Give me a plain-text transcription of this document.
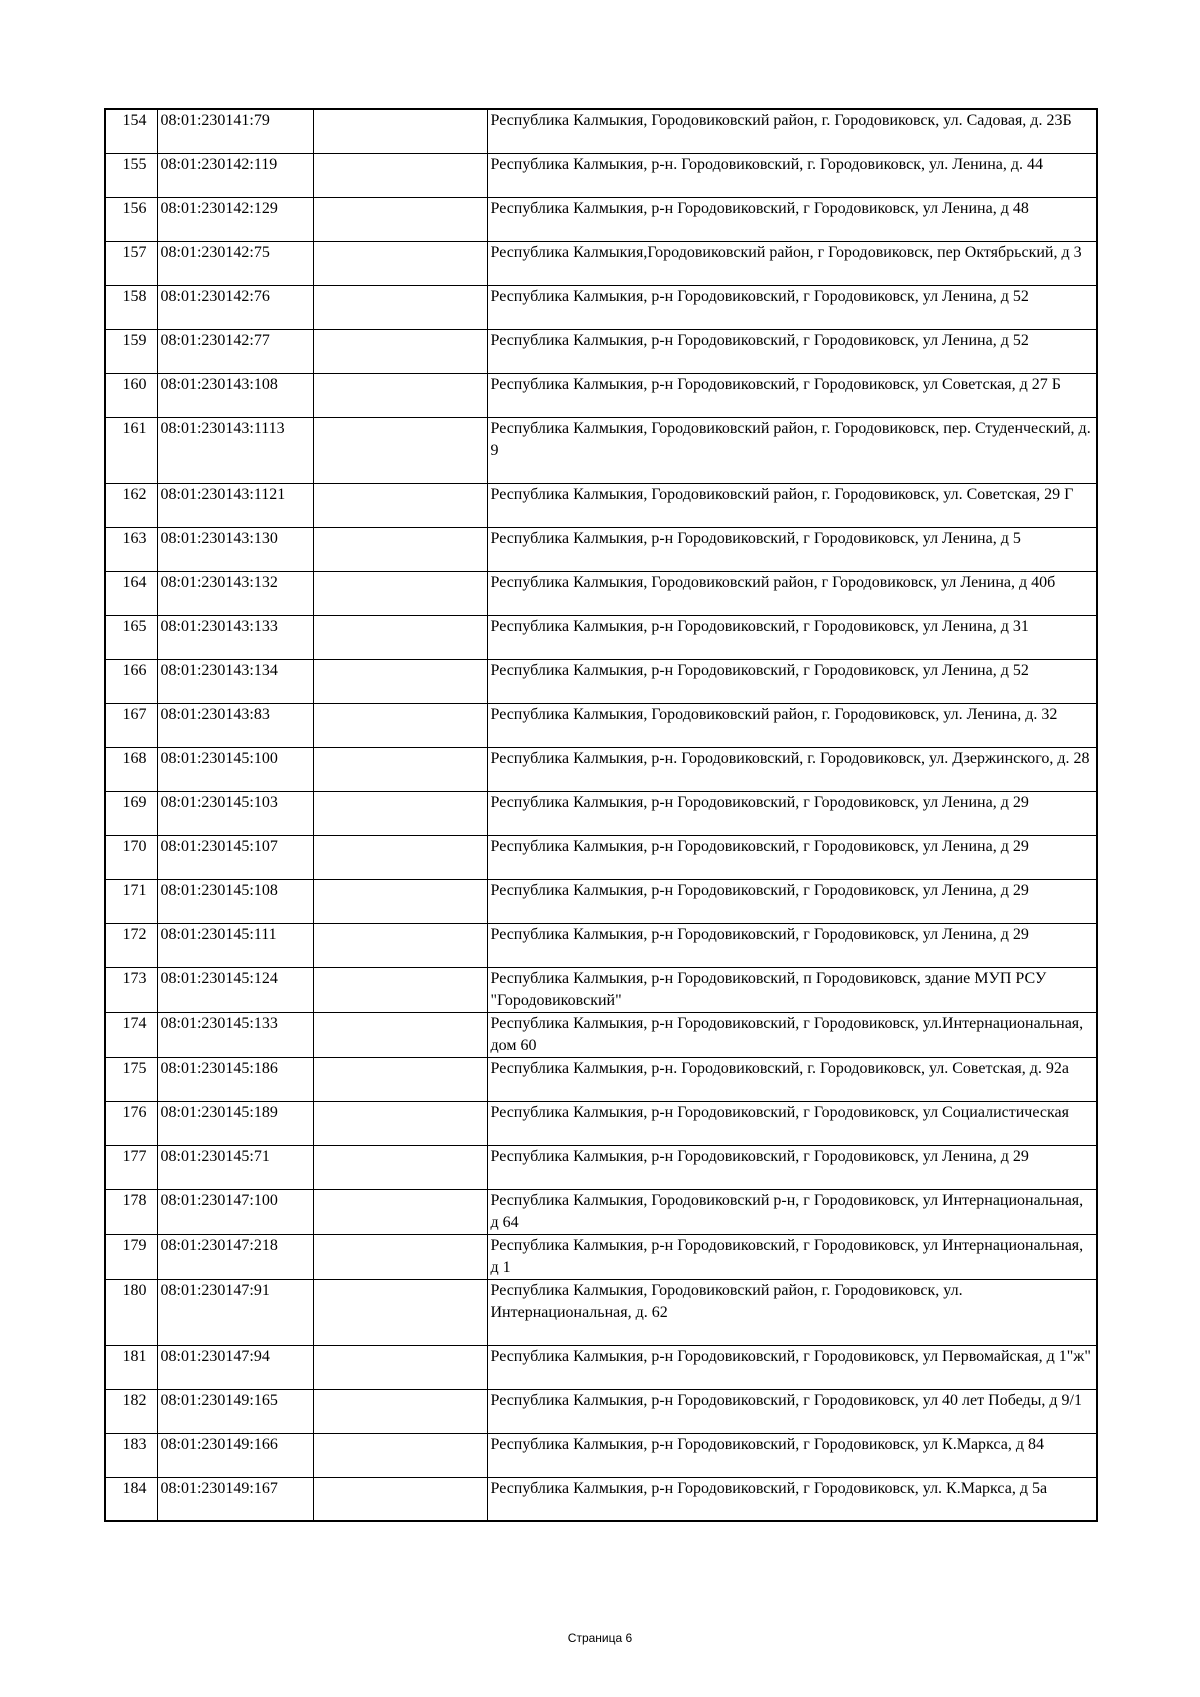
154	08:01:230141:79		Республика Калмыкия, Городовиковский район, г. Городовиковск, ул. Садовая, д. 23Б
155	08:01:230142:119		Республика Калмыкия, р-н. Городовиковский, г. Городовиковск, ул. Ленина, д. 44
156	08:01:230142:129		Республика Калмыкия, р-н Городовиковский, г Городовиковск, ул Ленина, д 48
157	08:01:230142:75		Республика Калмыкия,Городовиковский район, г Городовиковск, пер Октябрьский, д 3
158	08:01:230142:76		Республика Калмыкия, р-н Городовиковский, г Городовиковск, ул Ленина, д 52
159	08:01:230142:77		Республика Калмыкия, р-н Городовиковский, г Городовиковск, ул Ленина, д 52
160	08:01:230143:108		Республика Калмыкия, р-н Городовиковский, г Городовиковск, ул Советская, д 27 Б
161	08:01:230143:1113		Республика Калмыкия, Городовиковский район, г. Городовиковск, пер. Студенческий, д. 9
162	08:01:230143:1121		Республика Калмыкия, Городовиковский район, г. Городовиковск, ул. Советская, 29 Г
163	08:01:230143:130		Республика Калмыкия, р-н Городовиковский, г Городовиковск, ул Ленина, д 5
164	08:01:230143:132		Республика Калмыкия, Городовиковский район, г Городовиковск, ул Ленина, д 40б
165	08:01:230143:133		Республика Калмыкия, р-н Городовиковский, г Городовиковск, ул Ленина, д 31
166	08:01:230143:134		Республика Калмыкия, р-н Городовиковский, г Городовиковск, ул Ленина, д 52
167	08:01:230143:83		Республика Калмыкия, Городовиковский район, г. Городовиковск, ул. Ленина, д. 32
168	08:01:230145:100		Республика Калмыкия, р-н. Городовиковский, г. Городовиковск, ул. Дзержинского, д. 28
169	08:01:230145:103		Республика Калмыкия, р-н Городовиковский, г Городовиковск, ул Ленина, д 29
170	08:01:230145:107		Республика Калмыкия, р-н Городовиковский, г Городовиковск, ул Ленина, д 29
171	08:01:230145:108		Республика Калмыкия, р-н Городовиковский, г Городовиковск, ул Ленина, д 29
172	08:01:230145:111		Республика Калмыкия, р-н Городовиковский, г Городовиковск, ул Ленина, д 29
173	08:01:230145:124		Республика Калмыкия, р-н Городовиковский, п Городовиковск, здание МУП РСУ "Городовиковский"
174	08:01:230145:133		Республика Калмыкия, р-н Городовиковский, г Городовиковск, ул.Интернациональная, дом 60
175	08:01:230145:186		Республика Калмыкия, р-н. Городовиковский, г. Городовиковск, ул. Советская, д. 92а
176	08:01:230145:189		Республика Калмыкия, р-н Городовиковский, г Городовиковск, ул Социалистическая
177	08:01:230145:71		Республика Калмыкия, р-н Городовиковский, г Городовиковск, ул Ленина, д 29
178	08:01:230147:100		Республика Калмыкия, Городовиковский р-н, г Городовиковск, ул Интернациональная, д 64
179	08:01:230147:218		Республика Калмыкия, р-н Городовиковский, г Городовиковск, ул Интернациональная, д 1
180	08:01:230147:91		Республика Калмыкия, Городовиковский район, г. Городовиковск, ул. Интернациональная, д. 62
181	08:01:230147:94		Республика Калмыкия, р-н Городовиковский, г Городовиковск, ул Первомайская, д 1"ж"
182	08:01:230149:165		Республика Калмыкия, р-н Городовиковский, г Городовиковск, ул 40 лет Победы, д 9/1
183	08:01:230149:166		Республика Калмыкия, р-н Городовиковский, г Городовиковск, ул К.Маркса, д 84
184	08:01:230149:167		Республика Калмыкия, р-н Городовиковский, г Городовиковск, ул. К.Маркса, д 5а
Страница 6
